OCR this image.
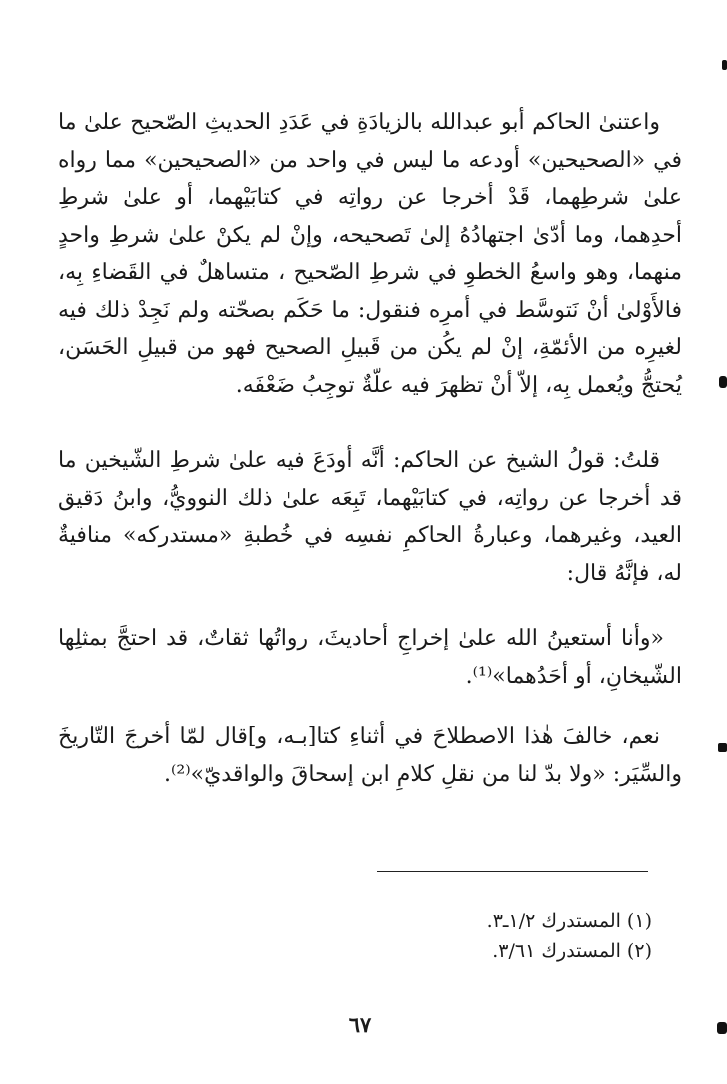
واعتنىٰ الحاكم أبو عبدالله بالزيادَةِ في عَدَدِ الحديثِ الصّحيح علىٰ ما في «الصحيحين» أودعه ما ليس في واحد من «الصحيحين» مما رواه علىٰ شرطِهما، قَدْ أخرجا عن رواتِه في كتابَيْهما، أو علىٰ شرطِ أحدِهما، وما أدّىٰ اجتهادُهُ إلىٰ تَصحيحه، وإنْ لم يكنْ علىٰ شرطِ واحدٍ منهما، وهو واسعُ الخطوِ في شرطِ الصّحيح ، متساهلٌ في القَضاءِ بِه، فالأَوْلىٰ أنْ نَتوسَّط في أمرِه فنقول: ما حَكَم بصحّته ولم نَجِدْ ذلك فيه لغيرِه من الأئمّةِ، إنْ لم يكُن من قَبيلِ الصحيح فهو من قبيلِ الحَسَن، يُحتجُّ ويُعمل بِه، إلاّ أنْ تظهرَ فيه علّةٌ توجِبُ ضَعْفَه.

قلتُ: قولُ الشيخ عن الحاكم: أنَّه أودَعَ فيه علىٰ شرطِ الشّيخين ما قد أخرجا عن رواتِه، في كتابَيْهما، تَبِعَه علىٰ ذلك النوويُّ، وابنُ دَقيق العيد، وغيرهما، وعبارةُ الحاكمِ نفسِه في خُطبةِ «مستدركه» منافيةٌ له، فإنَّهُ قال:

«وأنا أستعينُ الله علىٰ إخراجِ أحاديثَ، رواتُها ثقاتٌ، قد احتجَّ بمثلِها الشّيخانِ، أو أحَدُهما»⁽¹⁾.

نعم، خالفَ هٰذا الاصطلاحَ في أثناءِ كتا[بـه، و]قال لمّا أخرجَ التّاريخَ والسِّيَر: «ولا بدّ لنا من نقلِ كلامِ ابن إسحاقَ والواقديّ»⁽²⁾.

(١) المستدرك ١/٢ـ٣.
(٢) المستدرك ٣/٦١.
٦٧
